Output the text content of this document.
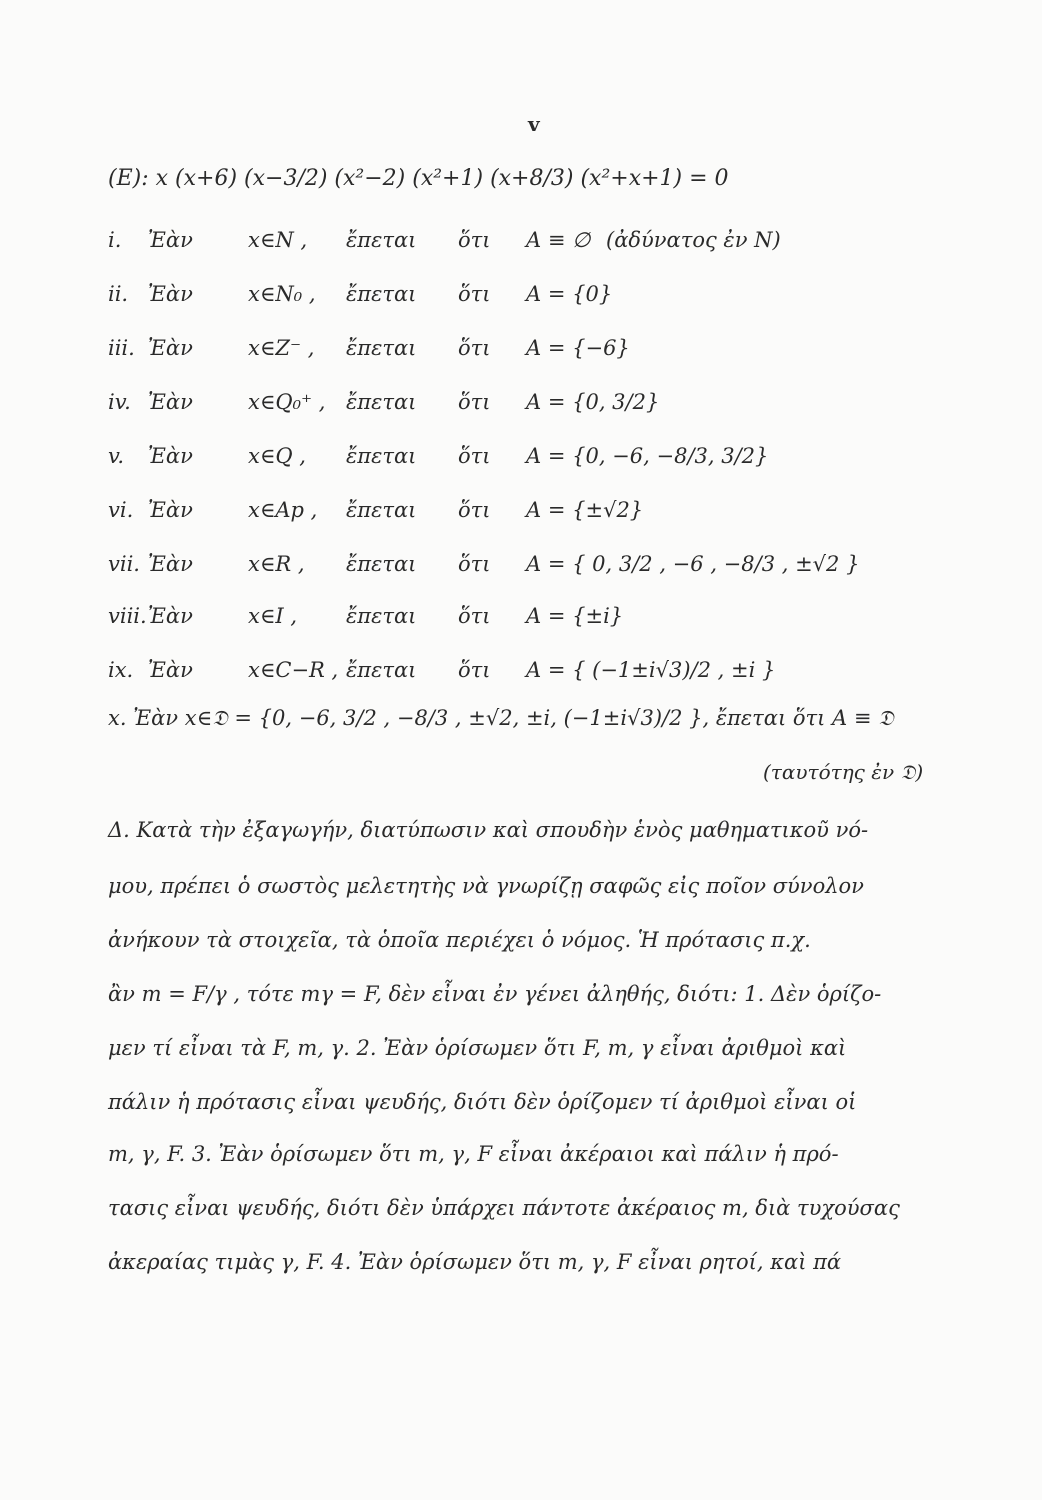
v
(E): x (x+6) (x−3/2) (x²−2) (x²+1) (x+8/3) (x²+x+1) = 0
i. Ἐὰν	x∈N , ἔπεται ὅτι A ≡ ∅ (ἀδύνατος ἐν N)
ii. Ἐὰν	x∈N₀ , ἔπεται ὅτι A = {0}
iii. Ἐὰν	x∈Z⁻ , ἔπεται ὅτι A = {−6}
iv. Ἐὰν	x∈Q₀⁺ , ἔπεται ὅτι A = {0, 3/2}
v. Ἐὰν	x∈Q , ἔπεται ὅτι A = {0, −6, −8/3, 3/2}
vi. Ἐὰν	x∈Ap , ἔπεται ὅτι A = {±√2}
vii. Ἐὰν	x∈R , ἔπεται ὅτι A = { 0, 3/2 , −6 , −8/3 , ±√2 }
viii. Ἐὰν	x∈I , ἔπεται ὅτι A = {±i}
ix. Ἐὰν	x∈C−R , ἔπεται ὅτι A = { (−1±i√3)/2 , ±i }
x. Ἐὰν x∈𝔇 = {0, −6, 3/2 , −8/3 , ±√2, ±i, (−1±i√3)/2 }, ἔπεται ὅτι A ≡ 𝔇
(ταυτότης ἐν 𝔇)
Δ. Κατὰ τὴν ἐξαγωγήν, διατύπωσιν καὶ σπουδὴν ἑνὸς μαθηματικοῦ νό-
μου, πρέπει ὁ σωστὸς μελετητὴς νὰ γνωρίζῃ σαφῶς εἰς ποῖον σύνολον
ἀνήκουν τὰ στοιχεῖα, τὰ ὁποῖα περιέχει ὁ νόμος. Ἡ πρότασις π.χ.
ἂν m = F/γ , τότε mγ = F, δὲν εἶναι ἐν γένει ἀληθής, διότι: 1. Δὲν ὁρίζο-
μεν τί εἶναι τὰ F, m, γ. 2. Ἐὰν ὁρίσωμεν ὅτι F, m, γ εἶναι ἀριθμοὶ καὶ
πάλιν ἡ πρότασις εἶναι ψευδής, διότι δὲν ὁρίζομεν τί ἀριθμοὶ εἶναι οἱ
m, γ, F. 3. Ἐὰν ὁρίσωμεν ὅτι m, γ, F εἶναι ἀκέραιοι καὶ πάλιν ἡ πρό-
τασις εἶναι ψευδής, διότι δὲν ὑπάρχει πάντοτε ἀκέραιος m, διὰ τυχούσας
ἀκεραίας τιμὰς γ, F. 4. Ἐὰν ὁρίσωμεν ὅτι m, γ, F εἶναι ρητοί, καὶ πά
